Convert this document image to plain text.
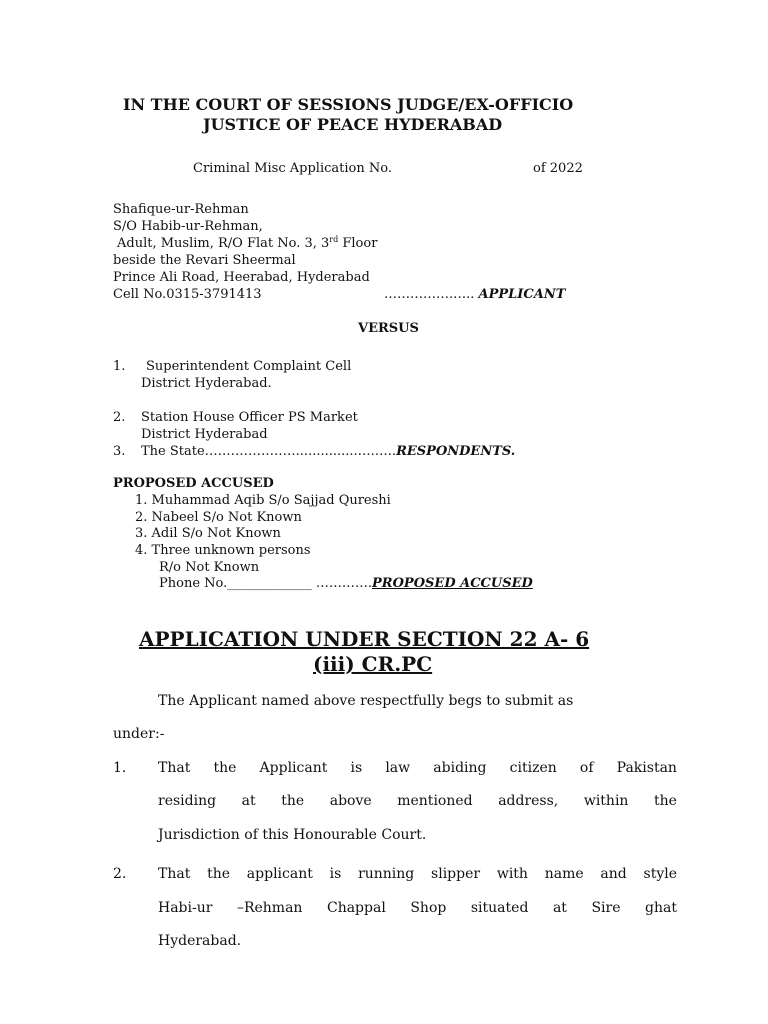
IN THE COURT OF SESSIONS JUDGE/EX-OFFICIO
JUSTICE OF PEACE HYDERABAD
Criminal Misc Application No.	of 2022
Shafique-ur-Rehman
S/O Habib-ur-Rehman,
Adult, Muslim, R/O Flat No. 3, 3rd Floor
beside the Revari Sheermal
Prince Ali Road, Heerabad, Hyderabad
Cell No.0315-3791413	…………….….. APPLICANT
VERSUS
1. Superintendent Complaint Cell
District Hyderabad.
2. Station House Officer PS Market
District Hyderabad
3. The State…………………...............….…..RESPONDENTS.
PROPOSED ACCUSED
1. Muhammad Aqib S/o Sajjad Qureshi
2. Nabeel S/o Not Known
3. Adil S/o Not Known
4. Three unknown persons
R/o Not Known
Phone No._____________ ………….PROPOSED ACCUSED
APPLICATION UNDER SECTION 22 A- 6
(iii) CR.PC
The Applicant named above respectfully begs to submit as
under:-
1. That the Applicant is law abiding citizen of Pakistan
residing at the above mentioned address, within the
Jurisdiction of this Honourable Court.
2. That the applicant is running slipper with name and style
Habi-ur –Rehman Chappal Shop situated at Sire ghat
Hyderabad.
